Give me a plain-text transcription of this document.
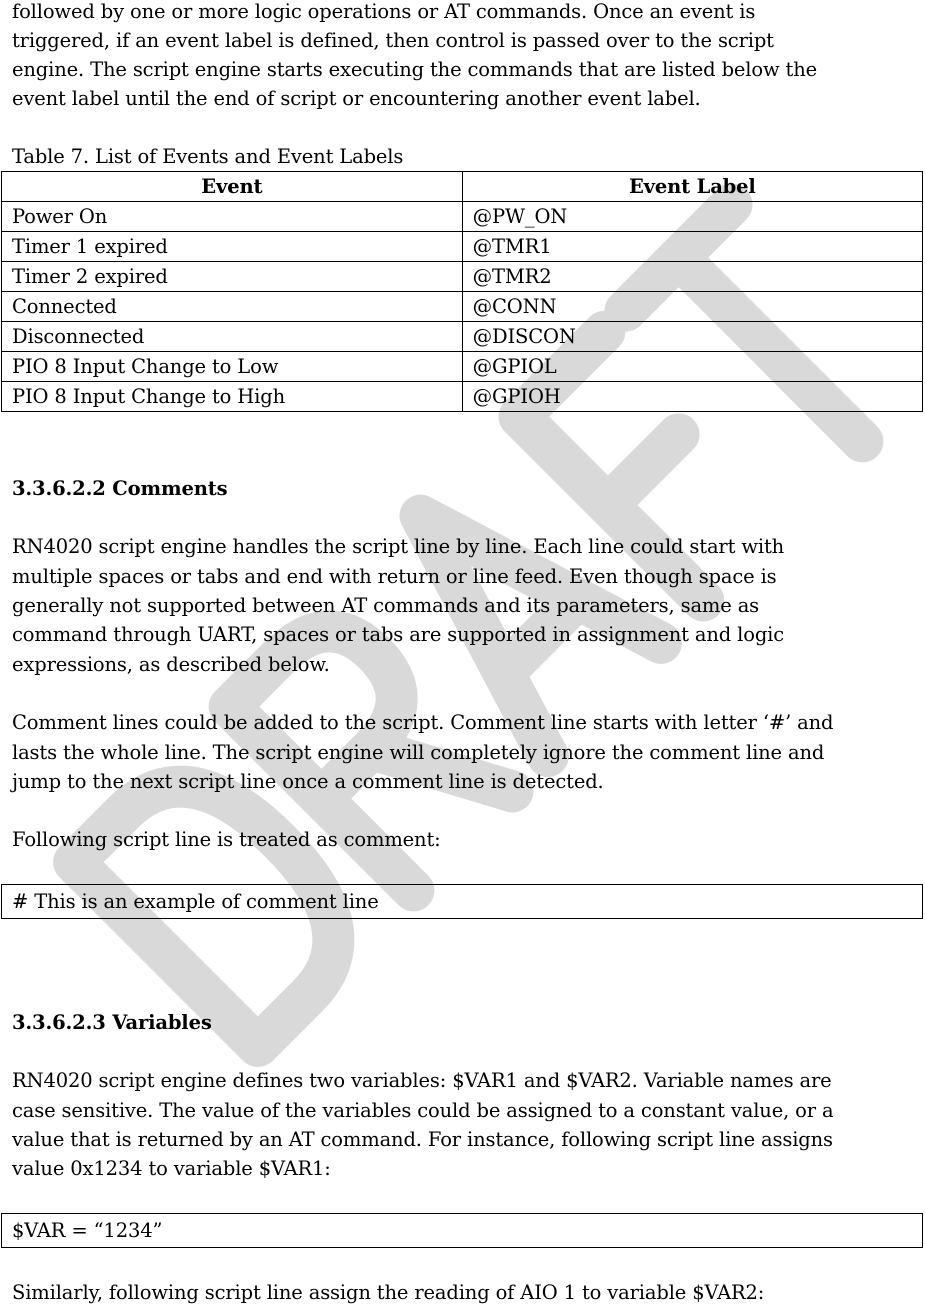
followed by one or more logic operations or AT commands. Once an event is
triggered, if an event label is defined, then control is passed over to the script
engine. The script engine starts executing the commands that are listed below the
event label until the end of script or encountering another event label.
Table 7. List of Events and Event Labels
Event	Event Label
Power On	@PW_ON
Timer 1 expired	@TMR1
Timer 2 expired	@TMR2
Connected	@CONN
Disconnected	@DISCON
PIO 8 Input Change to Low	@GPIOL
PIO 8 Input Change to High	@GPIOH
3.3.6.2.2 Comments
RN4020 script engine handles the script line by line. Each line could start with
multiple spaces or tabs and end with return or line feed. Even though space is
generally not supported between AT commands and its parameters, same as
command through UART, spaces or tabs are supported in assignment and logic
expressions, as described below.
Comment lines could be added to the script. Comment line starts with letter ‘#’ and
lasts the whole line. The script engine will completely ignore the comment line and
jump to the next script line once a comment line is detected.
Following script line is treated as comment:
# This is an example of comment line
3.3.6.2.3 Variables
RN4020 script engine defines two variables: $VAR1 and $VAR2. Variable names are
case sensitive. The value of the variables could be assigned to a constant value, or a
value that is returned by an AT command. For instance, following script line assigns
value 0x1234 to variable $VAR1:
$VAR = “1234”
Similarly, following script line assign the reading of AIO 1 to variable $VAR2:
